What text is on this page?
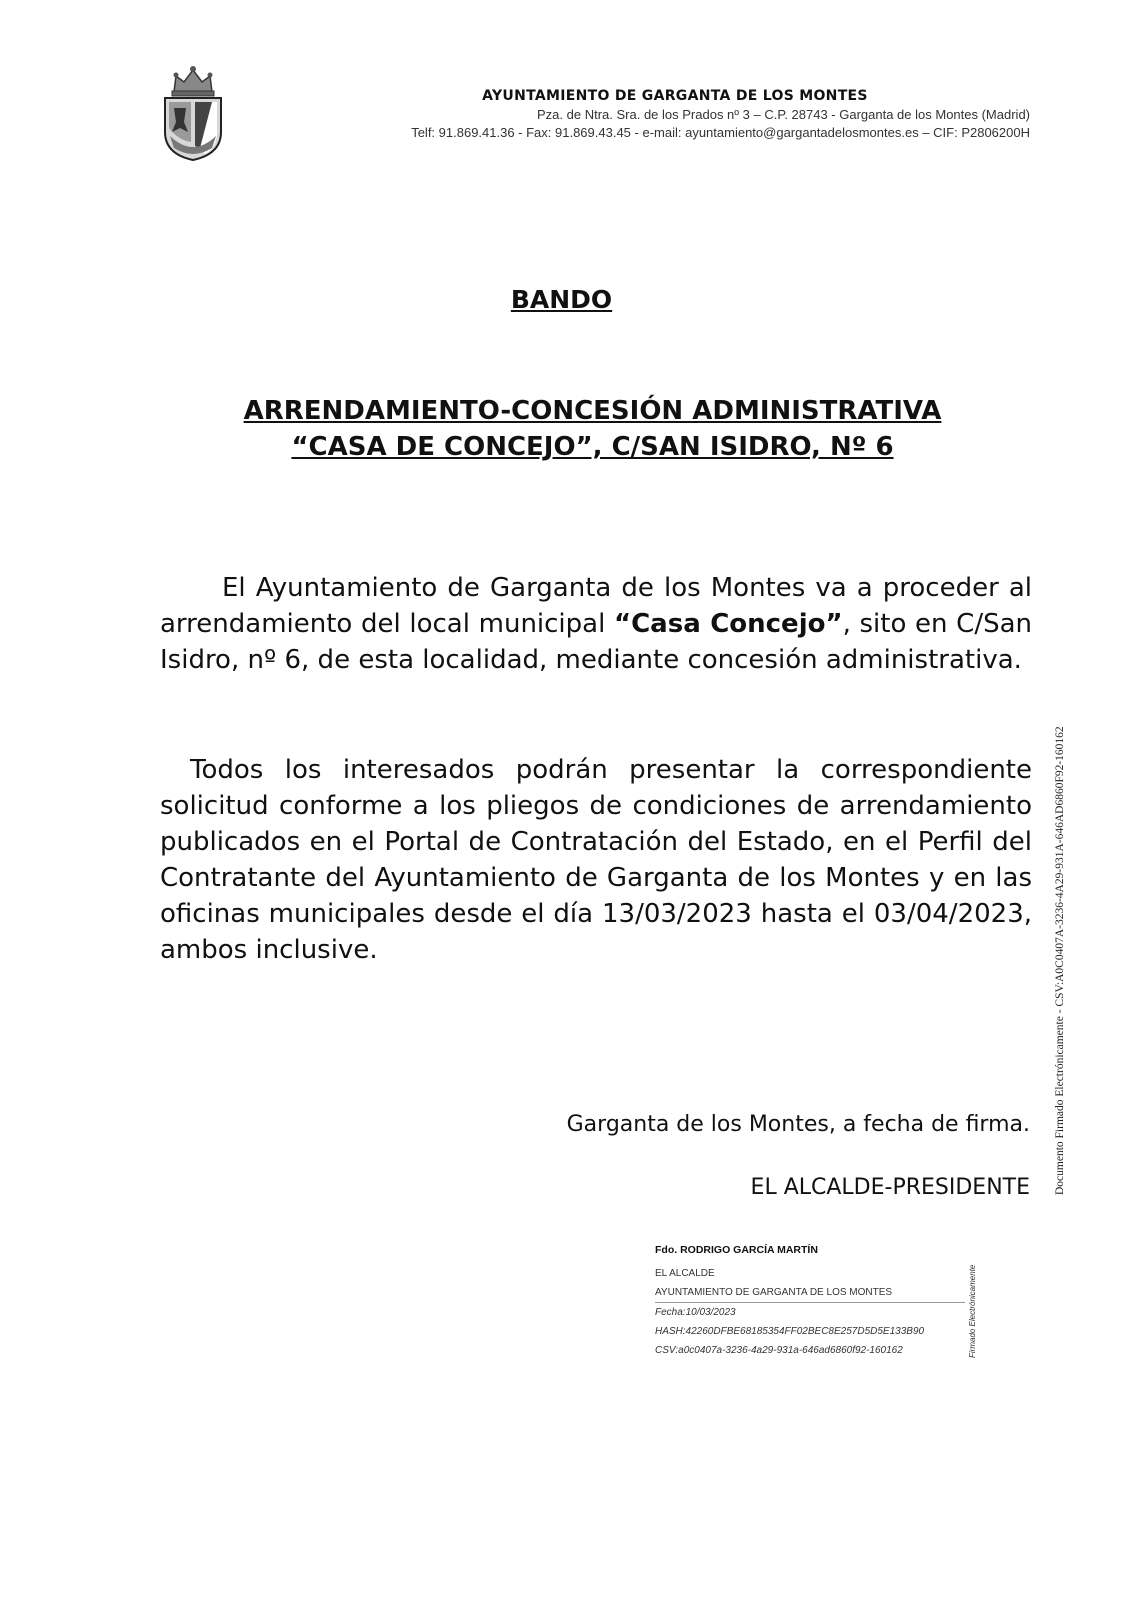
AYUNTAMIENTO DE GARGANTA DE LOS MONTES
Pza. de Ntra. Sra. de los Prados nº 3 – C.P. 28743 - Garganta de los Montes (Madrid)
Telf: 91.869.41.36 - Fax: 91.869.43.45 - e-mail: ayuntamiento@gargantadelosmontes.es – CIF: P2806200H
BANDO
ARRENDAMIENTO-CONCESIÓN ADMINISTRATIVA
“CASA DE CONCEJO”, C/SAN ISIDRO, Nº 6

El Ayuntamiento de Garganta de los Montes va a proceder al arrendamiento del local municipal “Casa Concejo”, sito en C/San Isidro, nº 6, de esta localidad, mediante concesión administrativa.

Todos los interesados podrán presentar la correspondiente solicitud conforme a los pliegos de condiciones de arrendamiento publicados en el Portal de Contratación del Estado, en el Perfil del Contratante del Ayuntamiento de Garganta de los Montes y en las oficinas municipales desde el día 13/03/2023 hasta el 03/04/2023, ambos inclusive.

Garganta de los Montes, a fecha de firma.
EL ALCALDE-PRESIDENTE
Fdo. RODRIGO GARCÍA MARTÍN
EL ALCALDE
AYUNTAMIENTO DE GARGANTA DE LOS MONTES
Fecha:10/03/2023
HASH:42260DFBE68185354FF02BEC8E257D5D5E133B90
CSV:a0c0407a-3236-4a29-931a-646ad6860f92-160162	Firmado Electrónicamente
Documento Firmado Electrónicamente - CSV:A0C0407A-3236-4A29-931A-646AD6860F92-160162
